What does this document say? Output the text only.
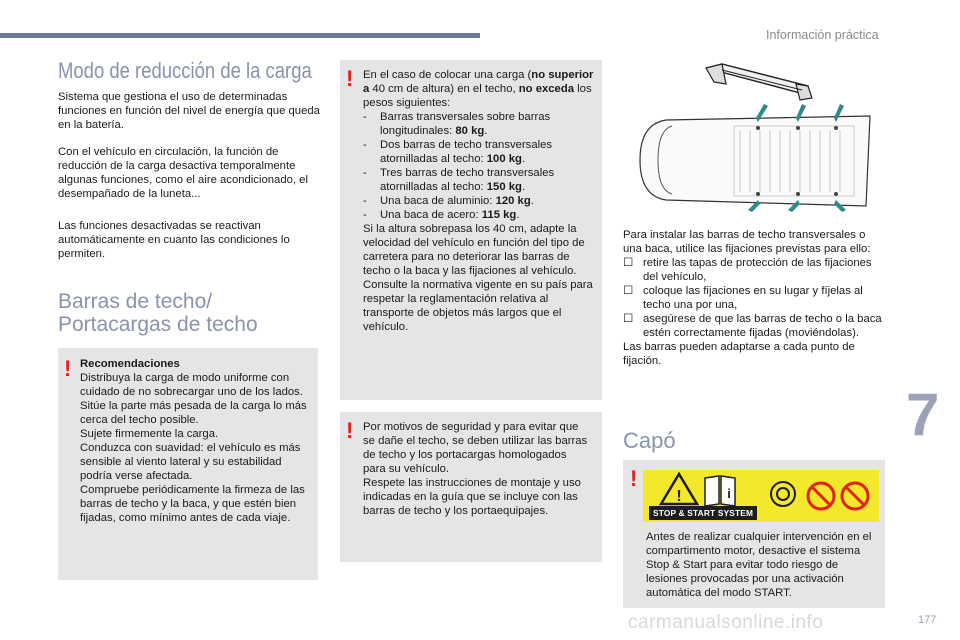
Información práctica
Modo de reducción de la carga
Sistema que gestiona el uso de determinadas funciones en función del nivel de energía que queda en la batería.
Con el vehículo en circulación, la función de reducción de la carga desactiva temporalmente algunas funciones, como el aire acondicionado, el desempañado de la luneta...
Las funciones desactivadas se reactivan automáticamente en cuanto las condiciones lo permiten.
Barras de techo/ Portacargas de techo
! Recomendaciones
Distribuya la carga de modo uniforme con cuidado de no sobrecargar uno de los lados.
Sitúe la parte más pesada de la carga lo más cerca del techo posible.
Sujete firmemente la carga.
Conduzca con suavidad: el vehículo es más sensible al viento lateral y su estabilidad podría verse afectada.
Compruebe periódicamente la firmeza de las barras de techo y la baca, y que estén bien fijadas, como mínimo antes de cada viaje.
! En el caso de colocar una carga (no superior a 40 cm de altura) en el techo, no exceda los pesos siguientes:
- Barras transversales sobre barras longitudinales: 80 kg.
- Dos barras de techo transversales atornilladas al techo: 100 kg.
- Tres barras de techo transversales atornilladas al techo: 150 kg.
- Una baca de aluminio: 120 kg.
- Una baca de acero: 115 kg.
Si la altura sobrepasa los 40 cm, adapte la velocidad del vehículo en función del tipo de carretera para no deteriorar las barras de techo o la baca y las fijaciones al vehículo.
Consulte la normativa vigente en su país para respetar la reglamentación relativa al transporte de objetos más largos que el vehículo.
! Por motivos de seguridad y para evitar que se dañe el techo, se deben utilizar las barras de techo y los portacargas homologados para su vehículo.
Respete las instrucciones de montaje y uso indicadas en la guía que se incluye con las barras de techo y los portaequipajes.
Para instalar las barras de techo transversales o una baca, utilice las fijaciones previstas para ello:
☐ retire las tapas de protección de las fijaciones del vehículo,
☐ coloque las fijaciones en su lugar y fíjelas al techo una por una,
☐ asegúrese de que las barras de techo o la baca estén correctamente fijadas (moviéndolas).
Las barras pueden adaptarse a cada punto de fijación.
Capó
!
!	i
STOP & START SYSTEM
Antes de realizar cualquier intervención en el compartimento motor, desactive el sistema Stop & Start para evitar todo riesgo de lesiones provocadas por una activación automática del modo START.
7
carmanualsonline.info	177
